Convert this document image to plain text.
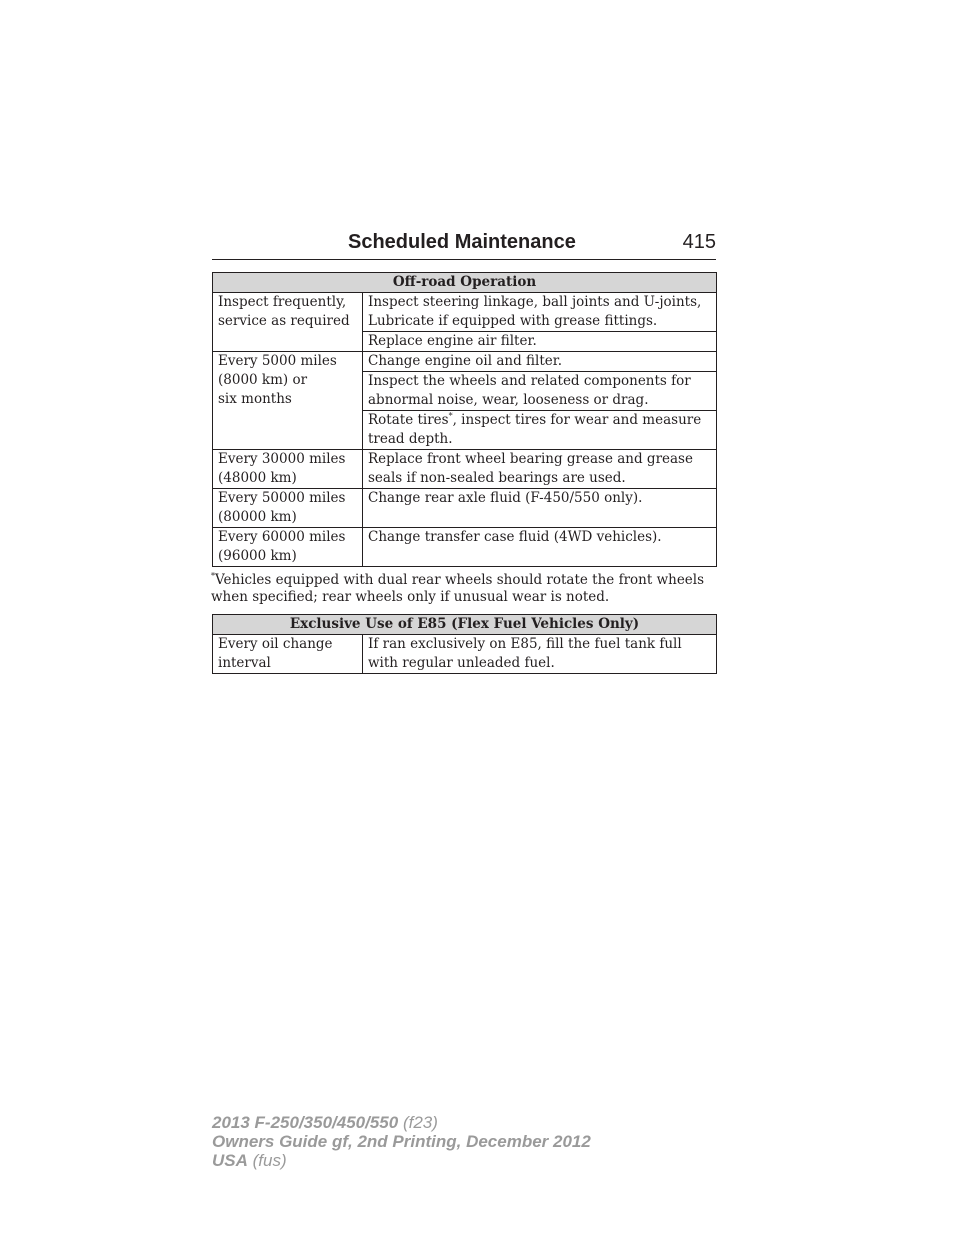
Scheduled Maintenance	415
Off-road Operation	
Inspect frequently, service as required	Inspect steering linkage, ball joints and U-joints, Lubricate if equipped with grease fittings.
	Replace engine air filter.

Every 5000 miles
(8000 km) or
six months	Change engine oil and filter.
	Inspect the wheels and related components for abnormal noise, wear, looseness or drag.
	Rotate tires*, inspect tires for wear and measure tread depth.
Every 30000 miles (48000 km)	Replace front wheel bearing grease and grease seals if non-sealed bearings are used.
Every 50000 miles (80000 km)	Change rear axle fluid (F-450/550 only).
Every 60000 miles (96000 km)	Change transfer case fluid (4WD vehicles).
*Vehicles equipped with dual rear wheels should rotate the front wheels when specified; rear wheels only if unusual wear is noted.
Exclusive Use of E85 (Flex Fuel Vehicles Only)
Every oil change interval	If ran exclusively on E85, fill the fuel tank full with regular unleaded fuel.
2013 F-250/350/450/550 (f23)
Owners Guide gf, 2nd Printing, December 2012
USA (fus)
